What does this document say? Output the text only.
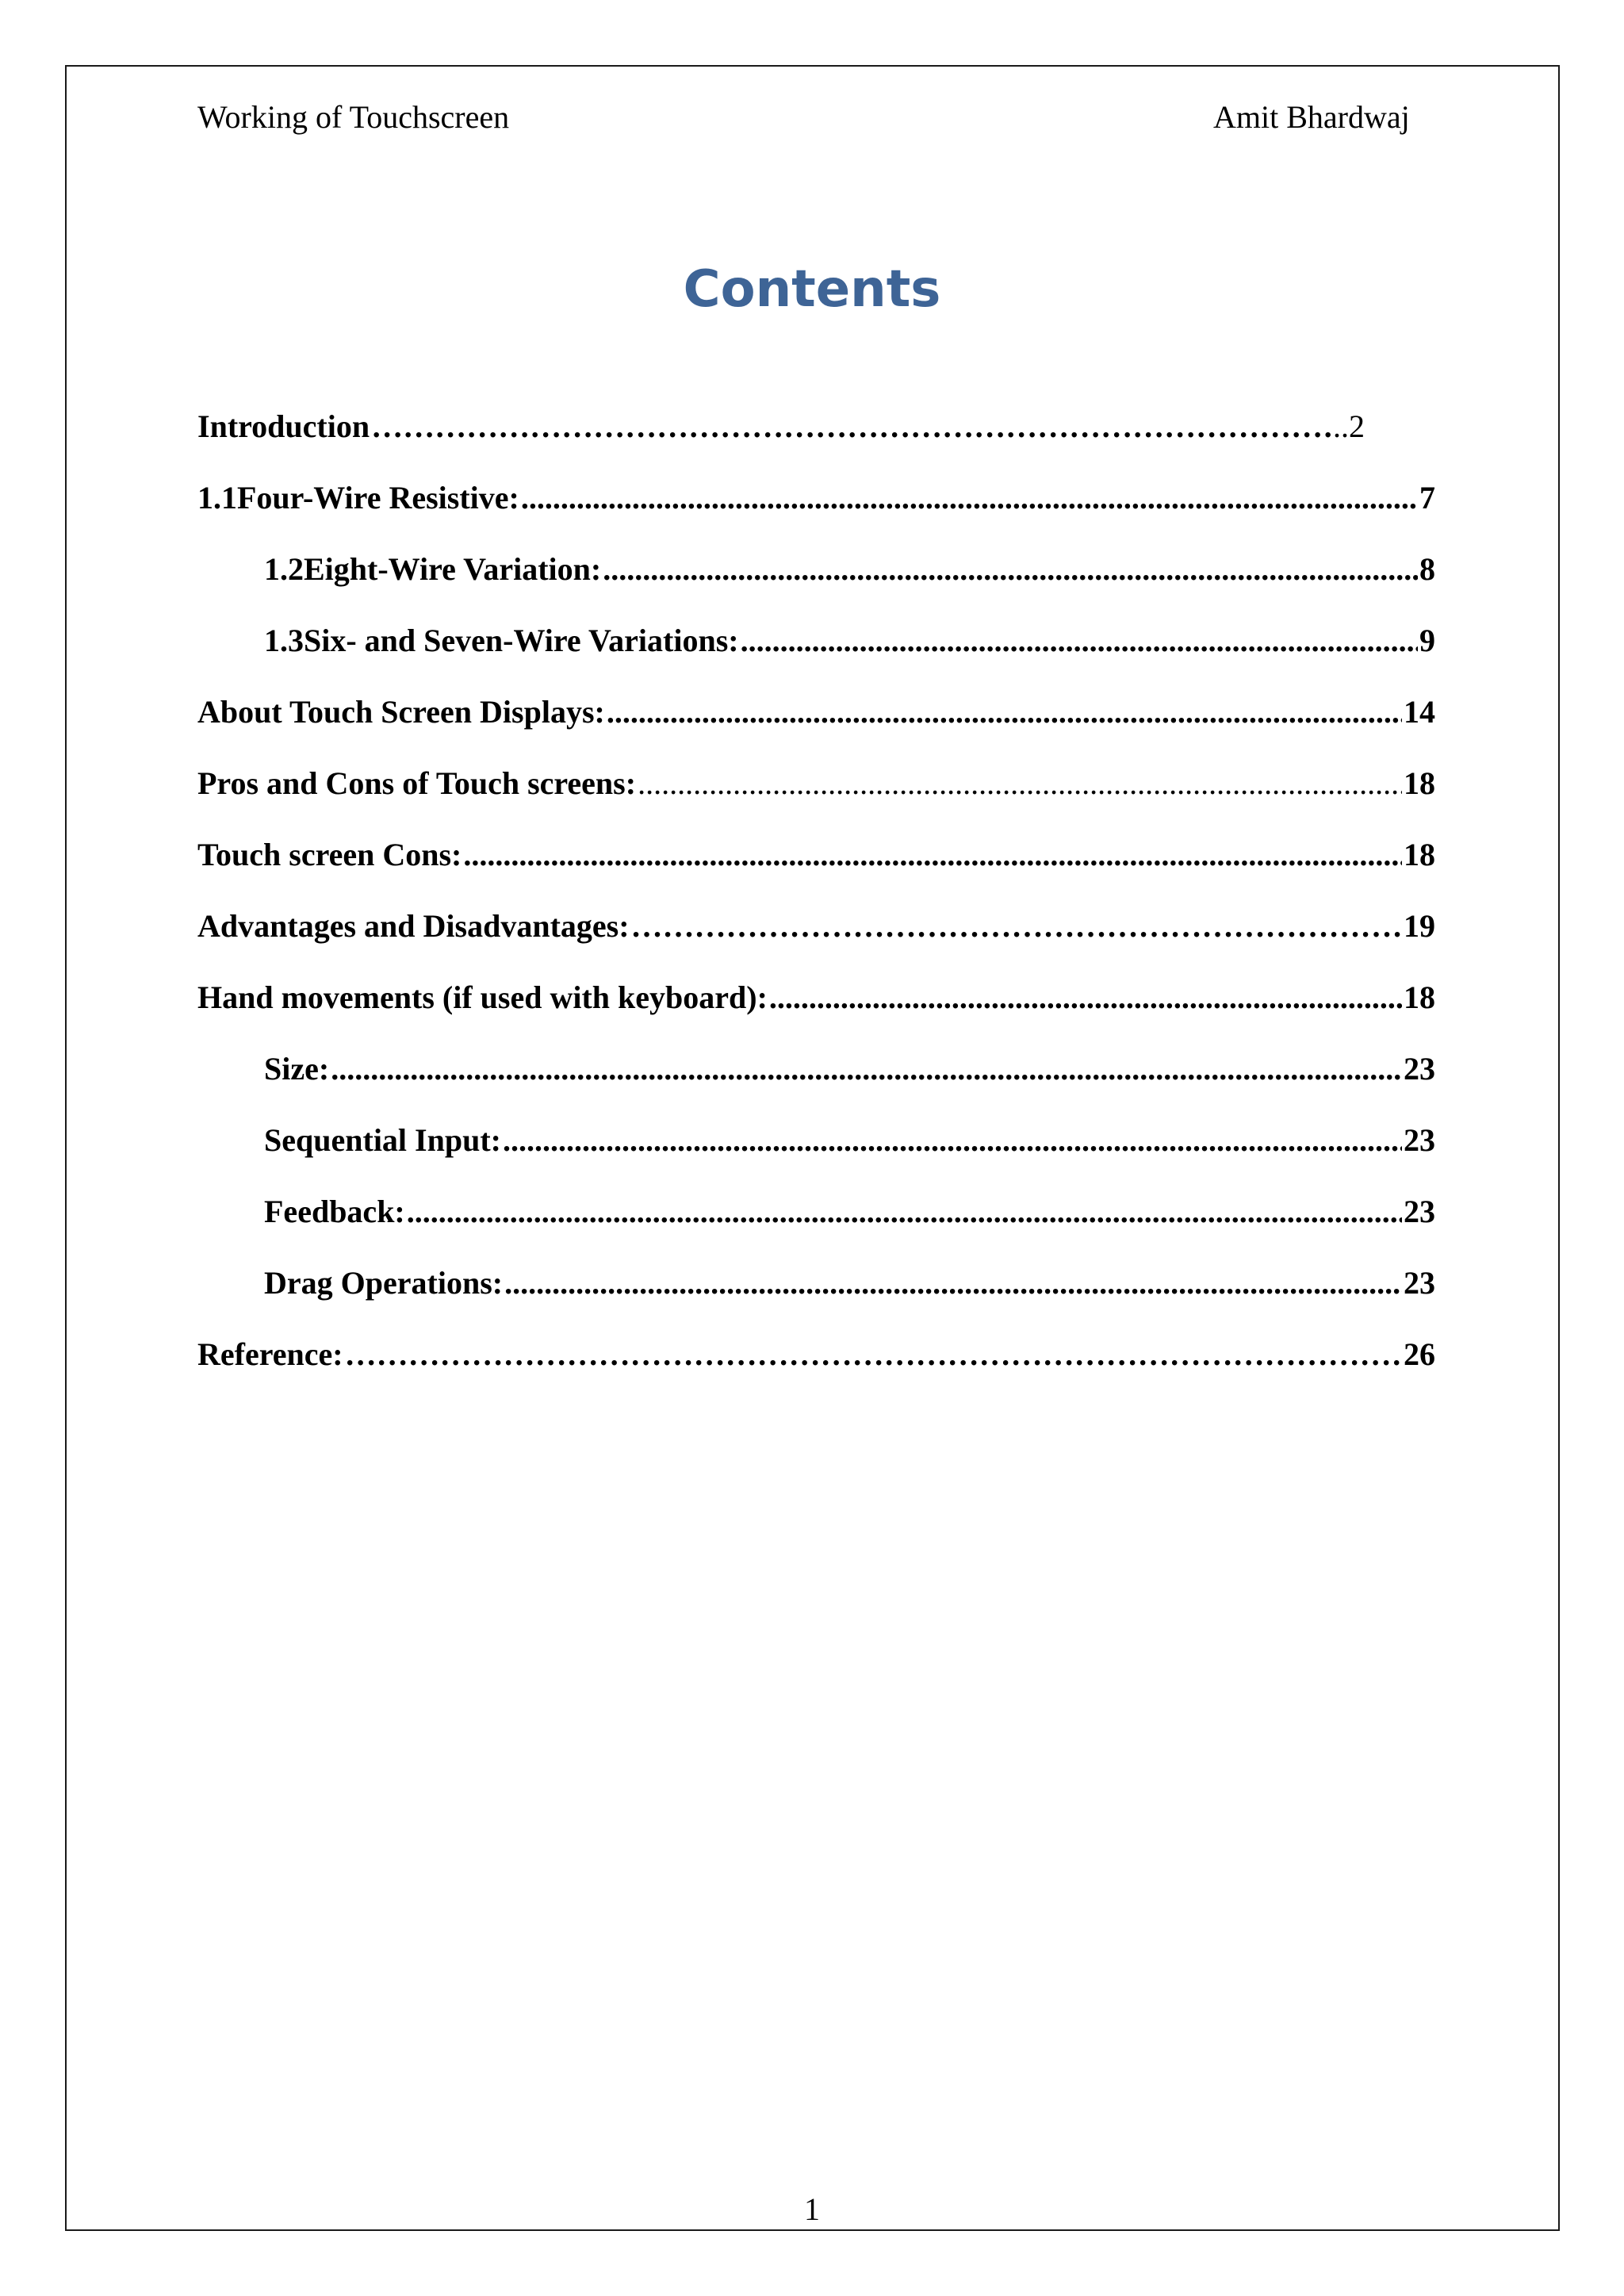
Working of Touchscreen	Amit Bhardwaj
Contents
Introduction …………………………………………………………………………………………………………………………………………………………………………………………………………	..2
1.1 Four-Wire Resistive: .....	7
1.2 Eight-Wire Variation: .....	8
1.3 Six- and Seven-Wire Variations: .....	9
About Touch Screen Displays: .....	14
Pros and Cons of Touch screens: .....	18
Touch screen Cons: .....	18
Advantages and Disadvantages: …………………………………………………………………………………………………………………………………………………………………………………………………………	19
Hand movements (if used with keyboard): .....	18
Size: .....	23
Sequential Input: .....	23
Feedback: .....	23
Drag Operations: .....	23
Reference: …………………………………………………………………………………………………………………………………………………………………………………………………………	26
1
